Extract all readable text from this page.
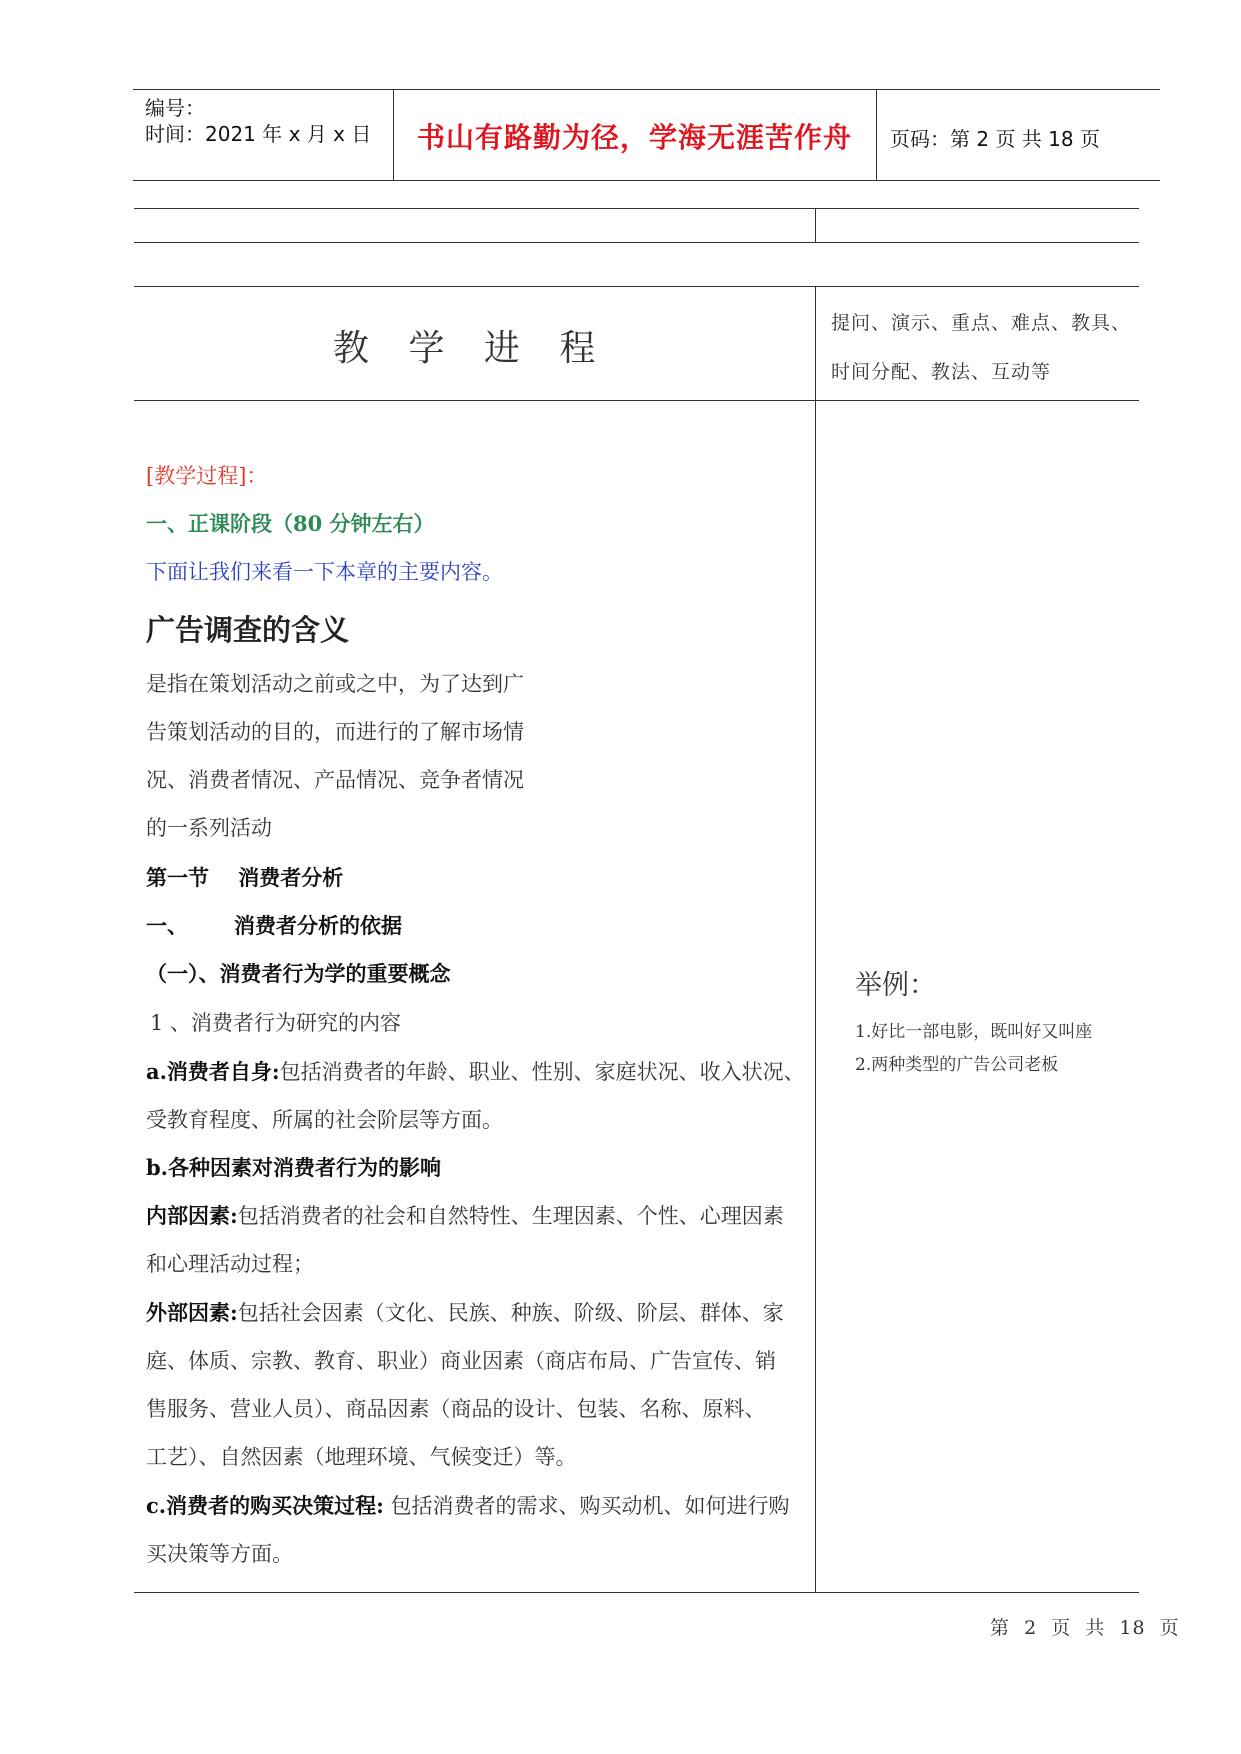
编号：
时间：2021 年 x 月 x 日 书山有路勤为径，学海无涯苦作舟 页码：第 2 页 共 18 页
教 学 进 程
提问、演示、重点、难点、教具、
时间分配、教法、互动等
[教学过程]：
一、正课阶段（80 分钟左右）
下面让我们来看一下本章的主要内容。
广告调查的含义
是指在策划活动之前或之中，为了达到广
告策划活动的目的，而进行的了解市场情
况、消费者情况、产品情况、竞争者情况
的一系列活动
第一节    消费者分析
一、 消费者分析的依据
（一）、消费者行为学的重要概念
1 、消费者行为研究的内容
a.消费者自身:包括消费者的年龄、职业、性别、家庭状况、收入状况、
受教育程度、所属的社会阶层等方面。
b.各种因素对消费者行为的影响
内部因素:包括消费者的社会和自然特性、生理因素、个性、心理因素
和心理活动过程；
外部因素:包括社会因素（文化、民族、种族、阶级、阶层、群体、家
庭、体质、宗教、教育、职业）商业因素（商店布局、广告宣传、销
售服务、营业人员）、商品因素（商品的设计、包装、名称、原料、
工艺）、自然因素（地理环境、气候变迁）等。
c.消费者的购买决策过程: 包括消费者的需求、购买动机、如何进行购
买决策等方面。
举例：
1.好比一部电影，既叫好又叫座
2.两种类型的广告公司老板
第  2  页  共  18  页
